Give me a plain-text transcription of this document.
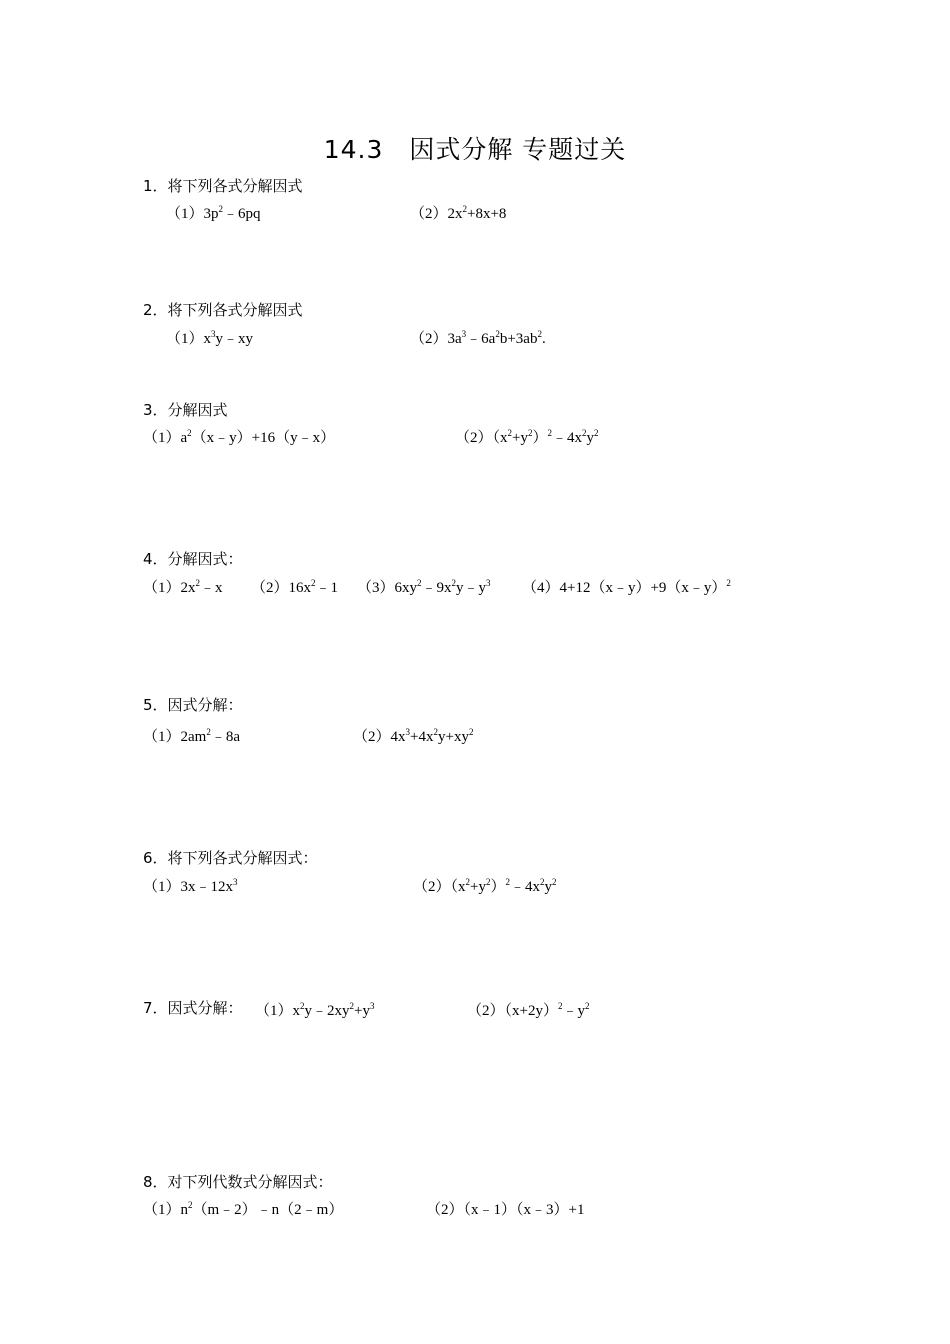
14.3　因式分解 专题过关
1．将下列各式分解因式
$(1)3p^2﹣6pq$	$(2)2x^2+8x+8$
2．将下列各式分解因式
$(1)x^3y﹣xy$	$(2)3a^3﹣6a^2b+3ab^2$.
3．分解因式
$(1)a^2(x﹣y)+16(y﹣x)$	$(2)(x^2+y^2)^2﹣4x^2y^2$
4．分解因式：
$(1)2x^2﹣x$ $(2)16x^2﹣1$ $(3)6xy^2﹣9x^2y﹣y^3$ （4）4+12（x﹣y）+9（x﹣y）$^2$
5．因式分解：
$(1)2am^2﹣8a$	$(2)4x^3+4x^2y+xy^2$
6．将下列各式分解因式：
$(1)3x﹣12x^3$	$(2)(x^2+y^2)^2﹣4x^2y^2$
7．因式分解： $(1)x^2y﹣2xy^2+y^3$	$(2)(x+2y)^2﹣y^2$
8．对下列代数式分解因式：
$(1)n^2(m﹣2)﹣n(2﹣m)$	（2）（x﹣1）（x﹣3）+1
